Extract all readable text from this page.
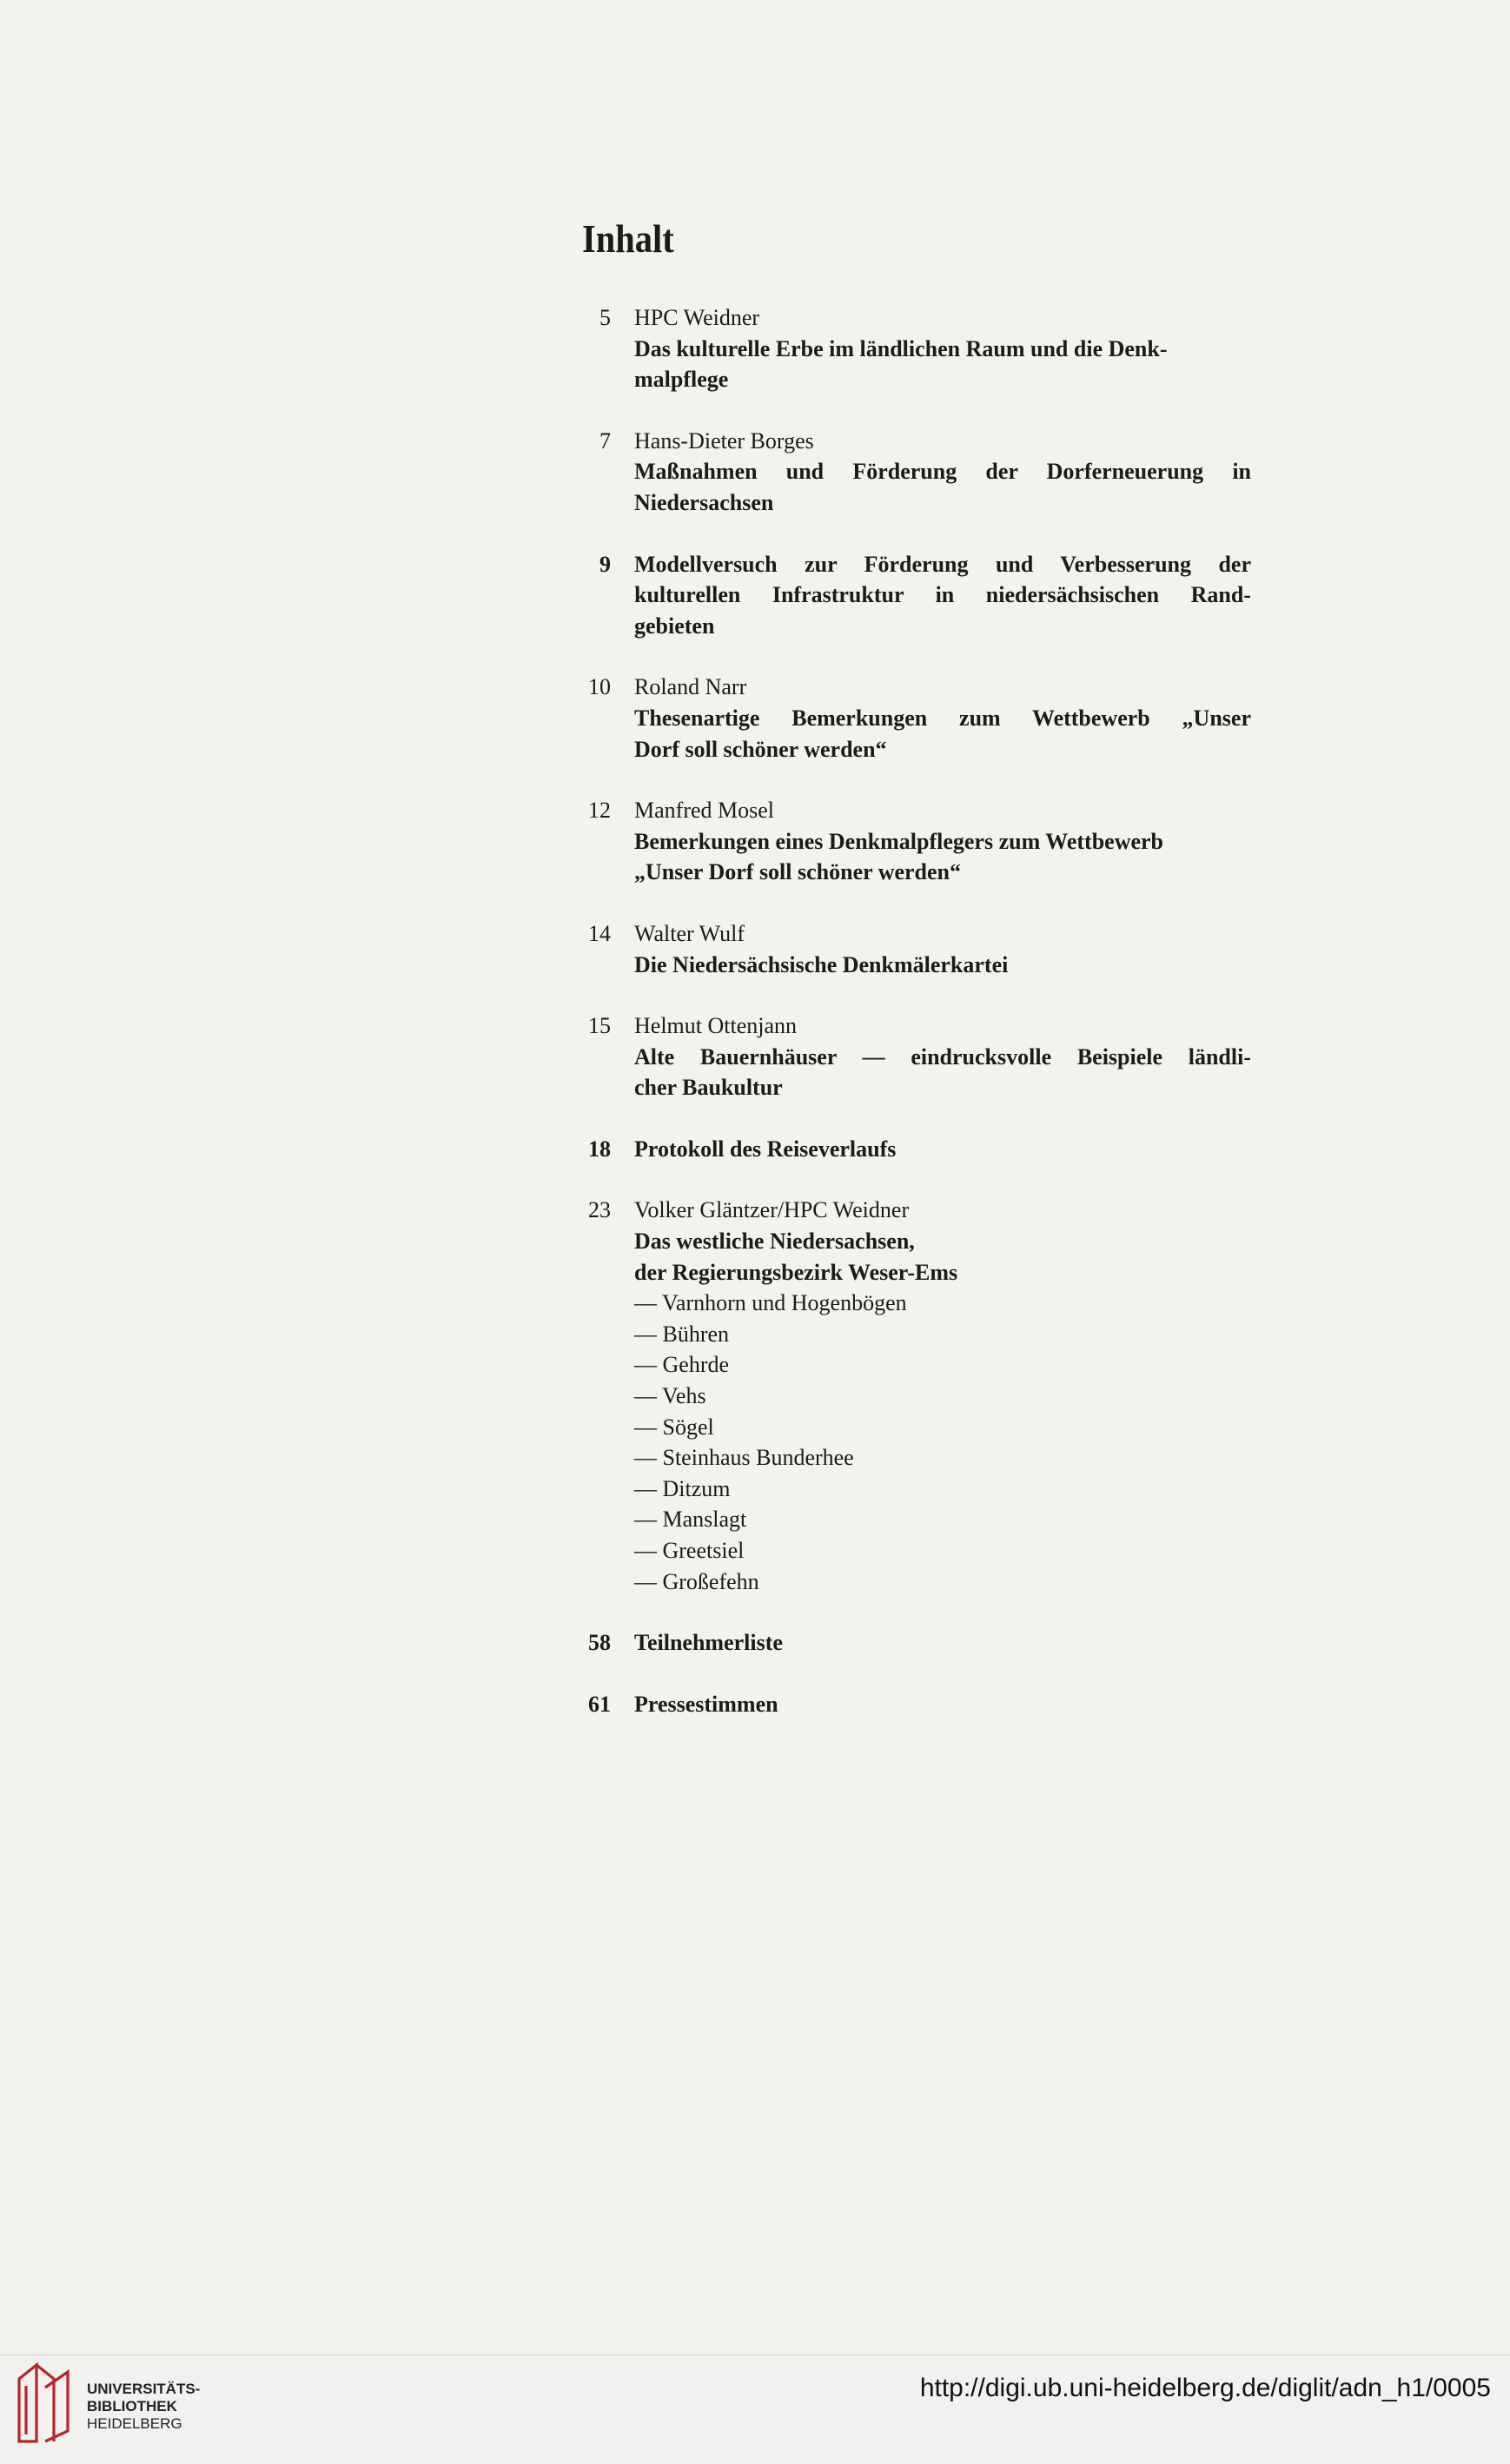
Inhalt
5	HPC Weidner
Das kulturelle Erbe im ländlichen Raum und die Denk-
malpflege
7	Hans-Dieter Borges
Maßnahmen und Förderung der Dorferneuerung in
Niedersachsen
9	Modellversuch zur Förderung und Verbesserung der
kulturellen Infrastruktur in niedersächsischen Rand-
gebieten
10	Roland Narr
Thesenartige Bemerkungen zum Wettbewerb „Unser
Dorf soll schöner werden“
12	Manfred Mosel
Bemerkungen eines Denkmalpflegers zum Wettbewerb
„Unser Dorf soll schöner werden“
14	Walter Wulf
Die Niedersächsische Denkmälerkartei
15	Helmut Ottenjann
Alte Bauernhäuser — eindrucksvolle Beispiele ländli-
cher Baukultur
18	Protokoll des Reiseverlaufs
23	Volker Gläntzer/HPC Weidner
Das westliche Niedersachsen,
der Regierungsbezirk Weser-Ems
— Varnhorn und Hogenbögen
— Bühren
— Gehrde
— Vehs
— Sögel
— Steinhaus Bunderhee
— Ditzum
— Manslagt
— Greetsiel
— Großefehn
58	Teilnehmerliste
61	Pressestimmen
UNIVERSITÄTS-
BIBLIOTHEK
HEIDELBERG
http://digi.ub.uni-heidelberg.de/diglit/adn_h1/0005
